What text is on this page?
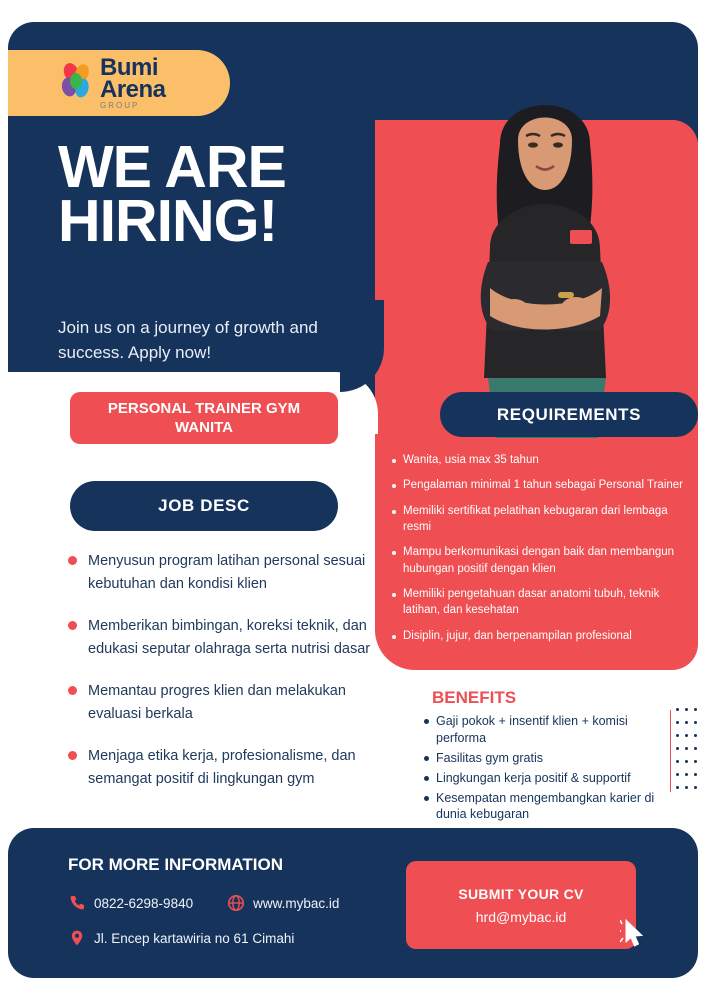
Bumi
Arena
GROUP
WE ARE
HIRING!
Join us on a journey of growth and success. Apply now!
PERSONAL TRAINER GYM WANITA
REQUIREMENTS
Wanita, usia max 35 tahun
Pengalaman minimal 1 tahun sebagai Personal Trainer
Memiliki sertifikat pelatihan kebugaran dari lembaga resmi
Mampu berkomunikasi dengan baik dan membangun hubungan positif dengan klien
Memiliki pengetahuan dasar anatomi tubuh, teknik latihan, dan kesehatan
Disiplin, jujur, dan berpenampilan profesional
JOB DESC
Menyusun program latihan personal sesuai kebutuhan dan kondisi klien
Memberikan bimbingan, koreksi teknik, dan edukasi seputar olahraga serta nutrisi dasar
Memantau progres klien dan melakukan evaluasi berkala
Menjaga etika kerja, profesionalisme, dan semangat positif di lingkungan gym
BENEFITS
Gaji pokok + insentif klien + komisi performa
Fasilitas gym gratis
Lingkungan kerja positif & supportif
Kesempatan mengembangkan karier di dunia kebugaran
FOR MORE INFORMATION
0822-6298-9840	www.mybac.id
Jl. Encep kartawiria no 61 Cimahi
SUBMIT YOUR CV
hrd@mybac.id
